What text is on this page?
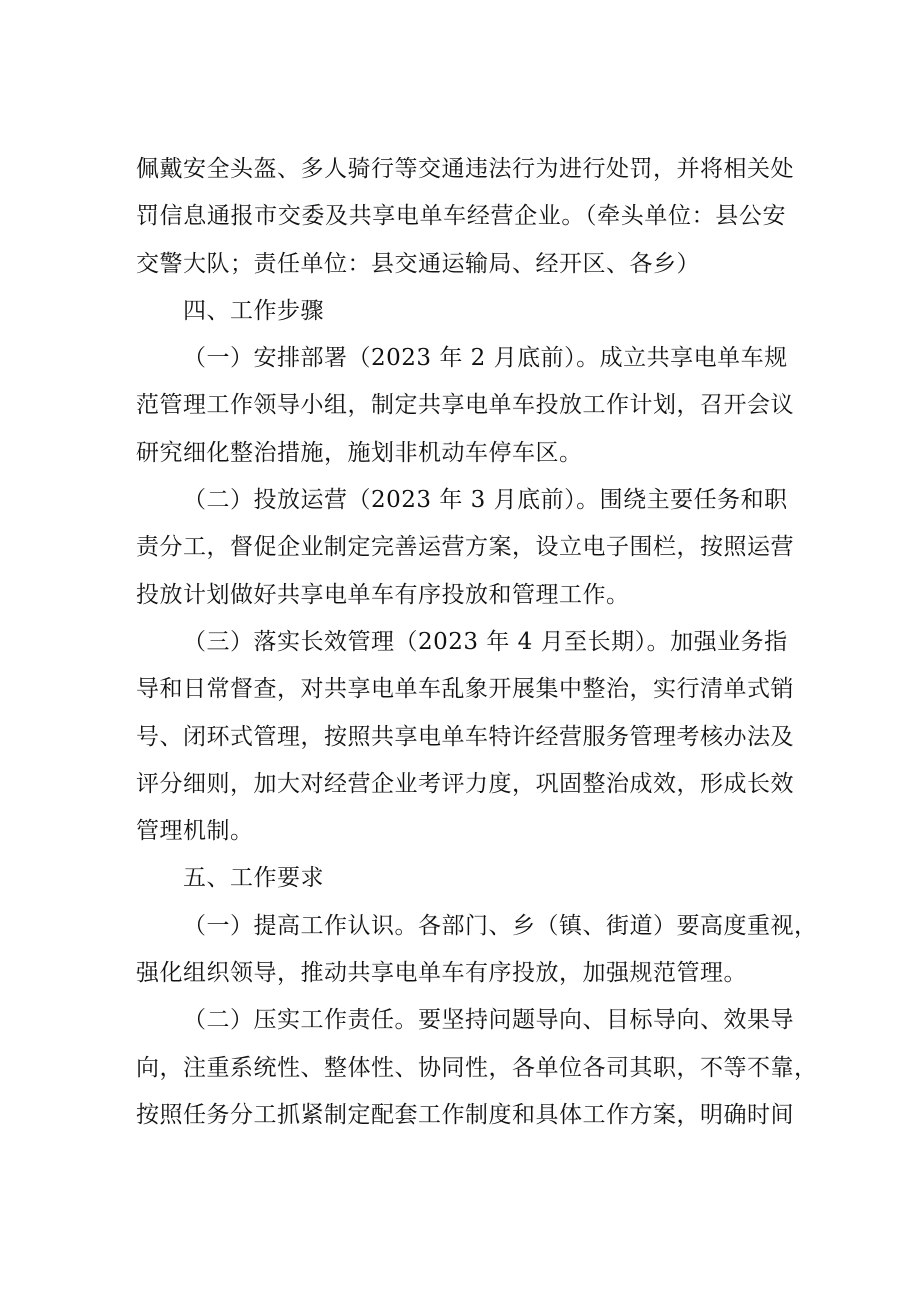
佩戴安全头盔、多人骑行等交通违法行为进行处罚，并将相关处
罚信息通报市交委及共享电单车经营企业。（牵头单位：县公安
交警大队；责任单位：县交通运输局、经开区、各乡）
四、工作步骤
（一）安排部署（2023 年 2 月底前）。成立共享电单车规
范管理工作领导小组，制定共享电单车投放工作计划，召开会议
研究细化整治措施，施划非机动车停车区。
（二）投放运营（2023 年 3 月底前）。围绕主要任务和职
责分工，督促企业制定完善运营方案，设立电子围栏，按照运营
投放计划做好共享电单车有序投放和管理工作。
（三）落实长效管理（2023 年 4 月至长期）。加强业务指
导和日常督查，对共享电单车乱象开展集中整治，实行清单式销
号、闭环式管理，按照共享电单车特许经营服务管理考核办法及
评分细则，加大对经营企业考评力度，巩固整治成效，形成长效
管理机制。
五、工作要求
（一）提高工作认识。各部门、乡（镇、街道）要高度重视，
强化组织领导，推动共享电单车有序投放，加强规范管理。
（二）压实工作责任。要坚持问题导向、目标导向、效果导
向，注重系统性、整体性、协同性，各单位各司其职，不等不靠，
按照任务分工抓紧制定配套工作制度和具体工作方案，明确时间
